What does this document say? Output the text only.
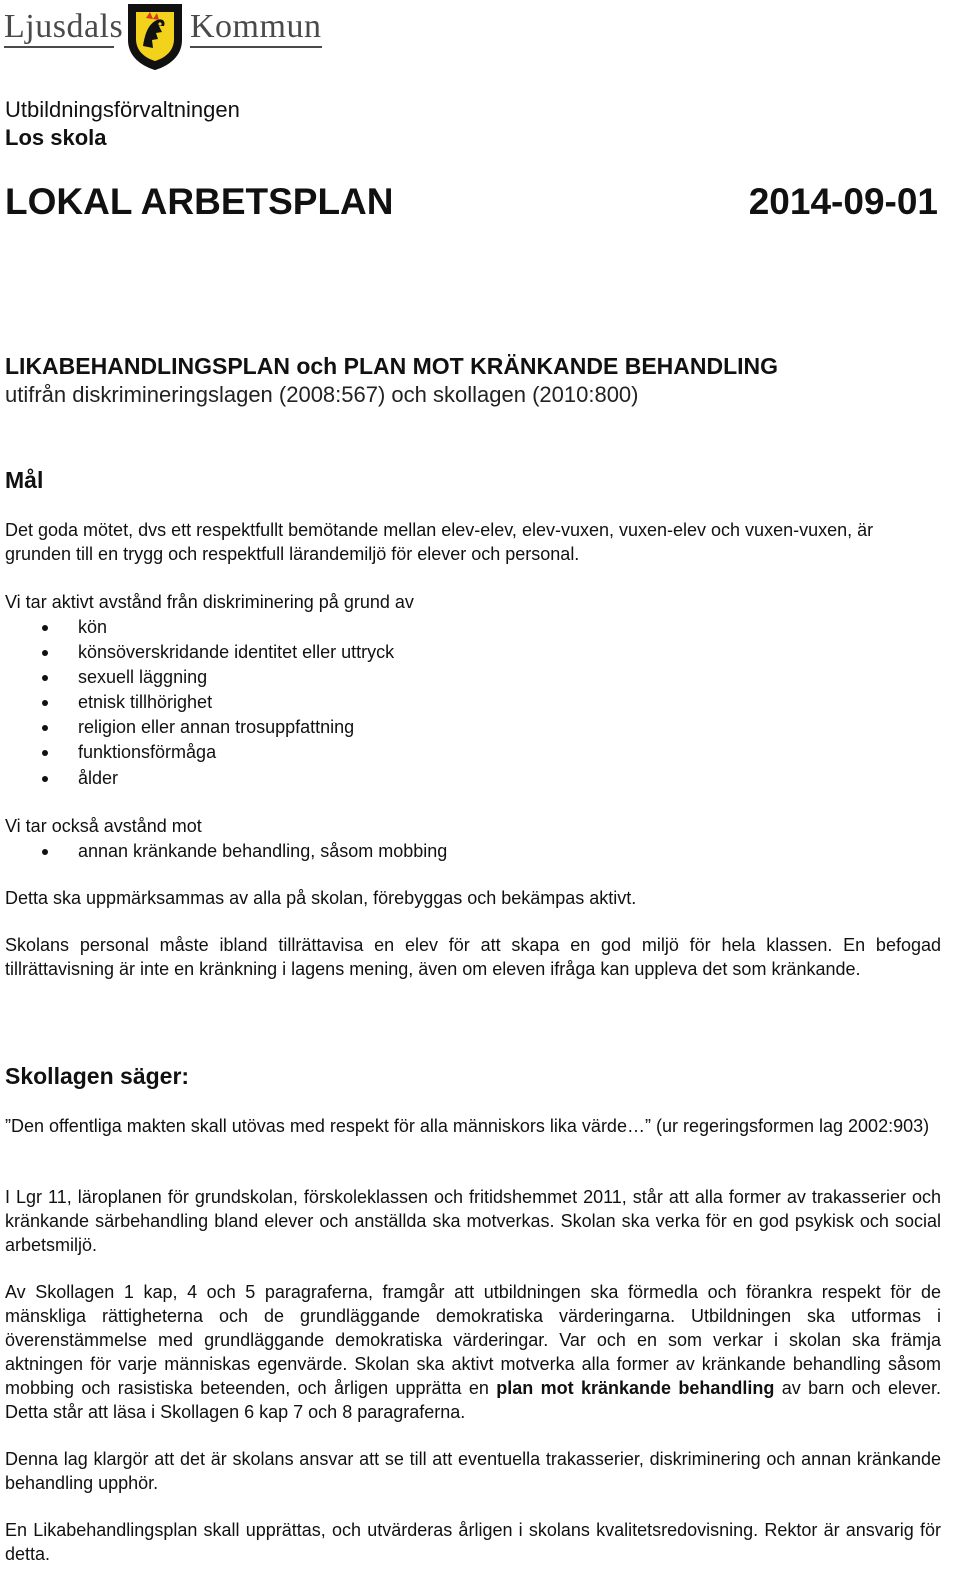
Ljusdals Kommun
Utbildningsförvaltningen
Los skola
LOKAL ARBETSPLAN	2014-09-01
LIKABEHANDLINGSPLAN och PLAN MOT KRÄNKANDE BEHANDLING
utifrån diskrimineringslagen (2008:567) och skollagen (2010:800)
Mål
Det goda mötet, dvs ett respektfullt bemötande mellan elev-elev, elev-vuxen, vuxen-elev och vuxen-vuxen, är grunden till en trygg och respektfull lärandemiljö för elever och personal.
Vi tar aktivt avstånd från diskriminering på grund av
kön
könsöverskridande identitet eller uttryck
sexuell läggning
etnisk tillhörighet
religion eller annan trosuppfattning
funktionsförmåga
ålder
Vi tar också avstånd mot
annan kränkande behandling, såsom mobbing
Detta ska uppmärksammas av alla på skolan, förebyggas och bekämpas aktivt.
Skolans personal måste ibland tillrättavisa en elev för att skapa en god miljö för hela klassen. En befogad tillrättavisning är inte en kränkning i lagens mening, även om eleven ifråga kan uppleva det som kränkande.
Skollagen säger:
”Den offentliga makten skall utövas med respekt för alla människors lika värde…” (ur regeringsformen lag 2002:903)
I Lgr 11, läroplanen för grundskolan, förskoleklassen och fritidshemmet 2011, står att alla former av trakasserier och kränkande särbehandling bland elever och anställda ska motverkas. Skolan ska verka för en god psykisk och social arbetsmiljö.
Av Skollagen 1 kap, 4 och 5 paragraferna, framgår att utbildningen ska förmedla och förankra respekt för de mänskliga rättigheterna och de grundläggande demokratiska värderingarna. Utbildningen ska utformas i överenstämmelse med grundläggande demokratiska värderingar. Var och en som verkar i skolan ska främja aktningen för varje människas egenvärde. Skolan ska aktivt motverka alla former av kränkande behandling såsom mobbing och rasistiska beteenden, och årligen upprätta en plan mot kränkande behandling av barn och elever. Detta står att läsa i Skollagen 6 kap 7 och 8 paragraferna.
Denna lag klargör att det är skolans ansvar att se till att eventuella trakasserier, diskriminering och annan kränkande behandling upphör.
En Likabehandlingsplan skall upprättas, och utvärderas årligen i skolans kvalitetsredovisning. Rektor är ansvarig för detta.
